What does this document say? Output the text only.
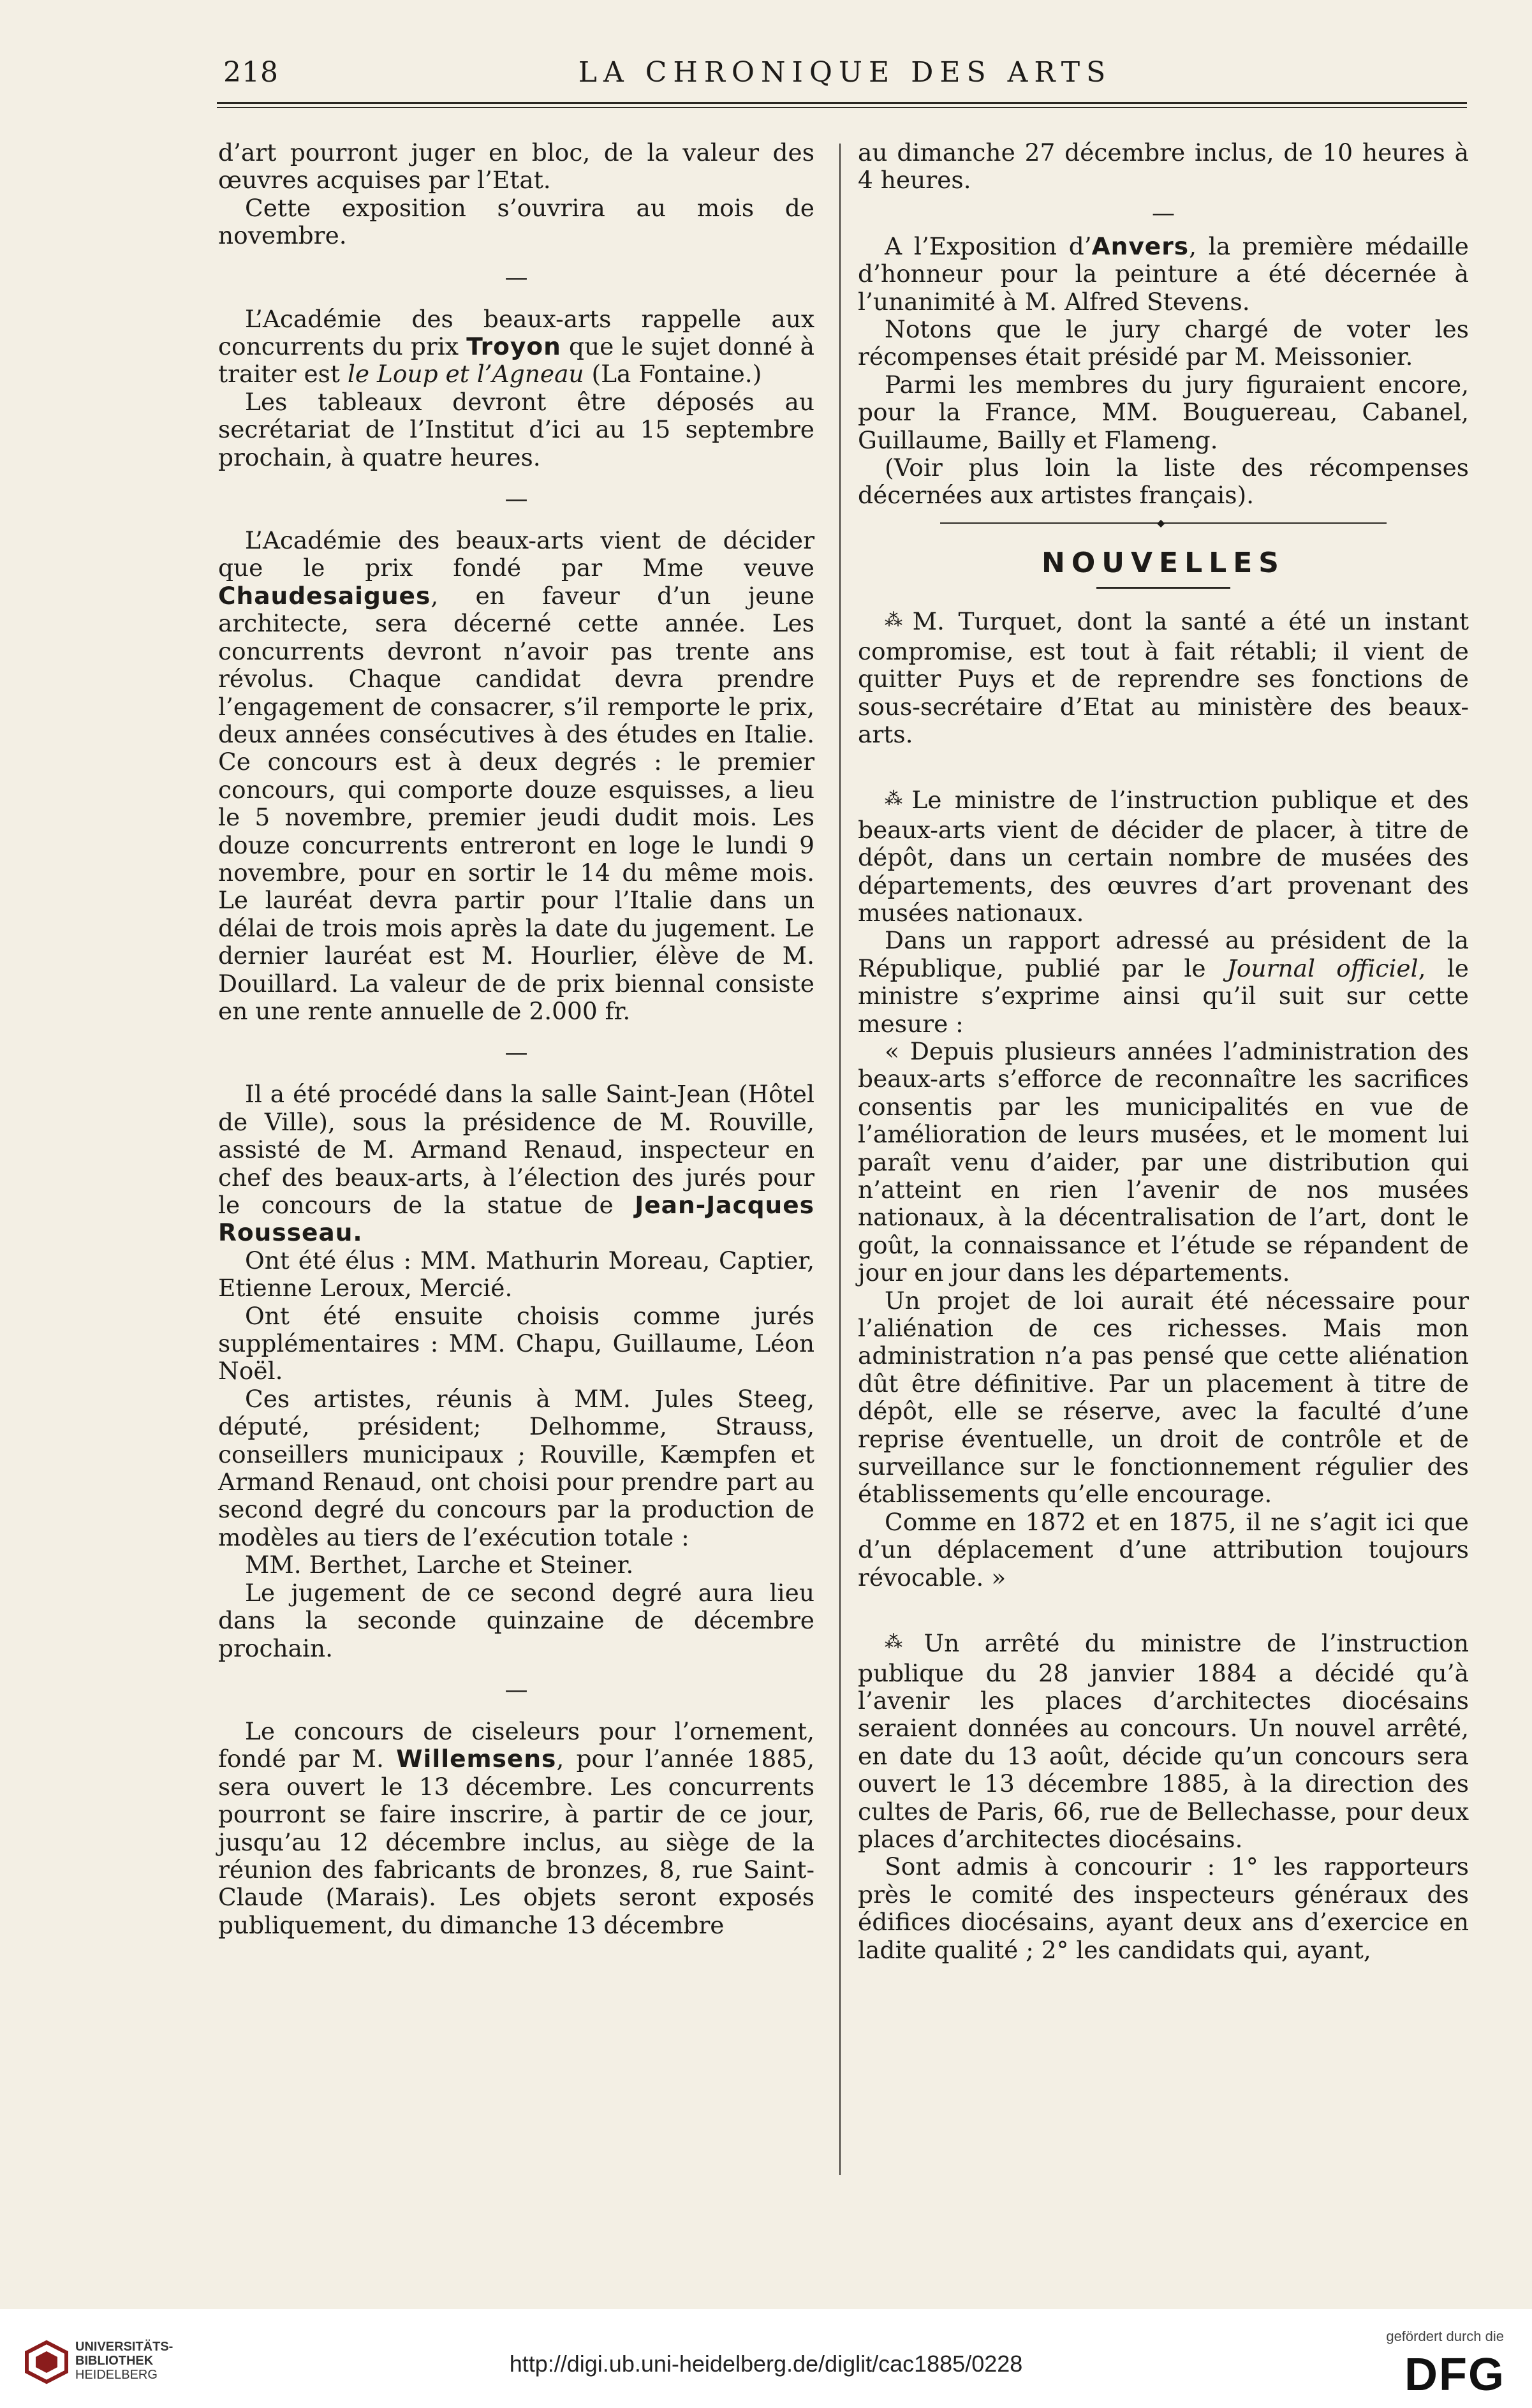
218	LA CHRONIQUE DES ARTS

d’art pourront juger en bloc, de la valeur des œuvres acquises par l’Etat.

Cette exposition s’ouvrira au mois de novembre.

—

L’Académie des beaux-arts rappelle aux concurrents du prix Troyon que le sujet donné à traiter est le Loup et l’Agneau (La Fontaine.)

Les tableaux devront être déposés au secrétariat de l’Institut d’ici au 15 septembre prochain, à quatre heures.

—

L’Académie des beaux-arts vient de décider que le prix fondé par Mme veuve Chaudesaigues, en faveur d’un jeune architecte, sera décerné cette année. Les concurrents devront n’avoir pas trente ans révolus. Chaque candidat devra prendre l’engagement de consacrer, s’il remporte le prix, deux années consécutives à des études en Italie. Ce concours est à deux degrés : le premier concours, qui comporte douze esquisses, a lieu le 5 novembre, premier jeudi dudit mois. Les douze concurrents entreront en loge le lundi 9 novembre, pour en sortir le 14 du même mois. Le lauréat devra partir pour l’Italie dans un délai de trois mois après la date du jugement. Le dernier lauréat est M. Hourlier, élève de M. Douillard. La valeur de de prix biennal consiste en une rente annuelle de 2.000 fr.

—

Il a été procédé dans la salle Saint-Jean (Hôtel de Ville), sous la présidence de M. Rouville, assisté de M. Armand Renaud, inspecteur en chef des beaux-arts, à l’élection des jurés pour le concours de la statue de Jean-Jacques Rousseau.

Ont été élus : MM. Mathurin Moreau, Captier, Etienne Leroux, Mercié.

Ont été ensuite choisis comme jurés supplémentaires : MM. Chapu, Guillaume, Léon Noël.

Ces artistes, réunis à MM. Jules Steeg, député, président; Delhomme, Strauss, conseillers municipaux ; Rouville, Kæmpfen et Armand Renaud, ont choisi pour prendre part au second degré du concours par la production de modèles au tiers de l’exécution totale :

MM. Berthet, Larche et Steiner.

Le jugement de ce second degré aura lieu dans la seconde quinzaine de décembre prochain.

—

Le concours de ciseleurs pour l’ornement, fondé par M. Willemsens, pour l’année 1885, sera ouvert le 13 décembre. Les concurrents pourront se faire inscrire, à partir de ce jour, jusqu’au 12 décembre inclus, au siège de la réunion des fabricants de bronzes, 8, rue Saint-Claude (Marais). Les objets seront exposés publiquement, du dimanche 13 décembre

au dimanche 27 décembre inclus, de 10 heures à 4 heures.

—

A l’Exposition d’Anvers, la première médaille d’honneur pour la peinture a été décernée à l’unanimité à M. Alfred Stevens.

Notons que le jury chargé de voter les récompenses était présidé par M. Meissonier.

Parmi les membres du jury figuraient encore, pour la France, MM. Bouguereau, Cabanel, Guillaume, Bailly et Flameng.

(Voir plus loin la liste des récompenses décernées aux artistes français).

◆
NOUVELLES

⁂ M. Turquet, dont la santé a été un instant compromise, est tout à fait rétabli; il vient de quitter Puys et de reprendre ses fonctions de sous-secrétaire d’Etat au ministère des beaux-arts.

⁂ Le ministre de l’instruction publique et des beaux-arts vient de décider de placer, à titre de dépôt, dans un certain nombre de musées des départements, des œuvres d’art provenant des musées nationaux.

Dans un rapport adressé au président de la République, publié par le Journal officiel, le ministre s’exprime ainsi qu’il suit sur cette mesure :

« Depuis plusieurs années l’administration des beaux-arts s’efforce de reconnaître les sacrifices consentis par les municipalités en vue de l’amélioration de leurs musées, et le moment lui paraît venu d’aider, par une distribution qui n’atteint en rien l’avenir de nos musées nationaux, à la décentralisation de l’art, dont le goût, la connaissance et l’étude se répandent de jour en jour dans les départements.

Un projet de loi aurait été nécessaire pour l’aliénation de ces richesses. Mais mon administration n’a pas pensé que cette aliénation dût être définitive. Par un placement à titre de dépôt, elle se réserve, avec la faculté d’une reprise éventuelle, un droit de contrôle et de surveillance sur le fonctionnement régulier des établissements qu’elle encourage.

Comme en 1872 et en 1875, il ne s’agit ici que d’un déplacement d’une attribution toujours révocable. »

⁂ Un arrêté du ministre de l’instruction publique du 28 janvier 1884 a décidé qu’à l’avenir les places d’architectes diocésains seraient données au concours. Un nouvel arrêté, en date du 13 août, décide qu’un concours sera ouvert le 13 décembre 1885, à la direction des cultes de Paris, 66, rue de Bellechasse, pour deux places d’architectes diocésains.

Sont admis à concourir : 1° les rapporteurs près le comité des inspecteurs généraux des édifices diocésains, ayant deux ans d’exercice en ladite qualité ; 2° les candidats qui, ayant,

UNIVERSITÄTS-
BIBLIOTHEK
HEIDELBERG	http://digi.ub.uni-heidelberg.de/diglit/cac1885/0228
gefördert durch die
DFG
